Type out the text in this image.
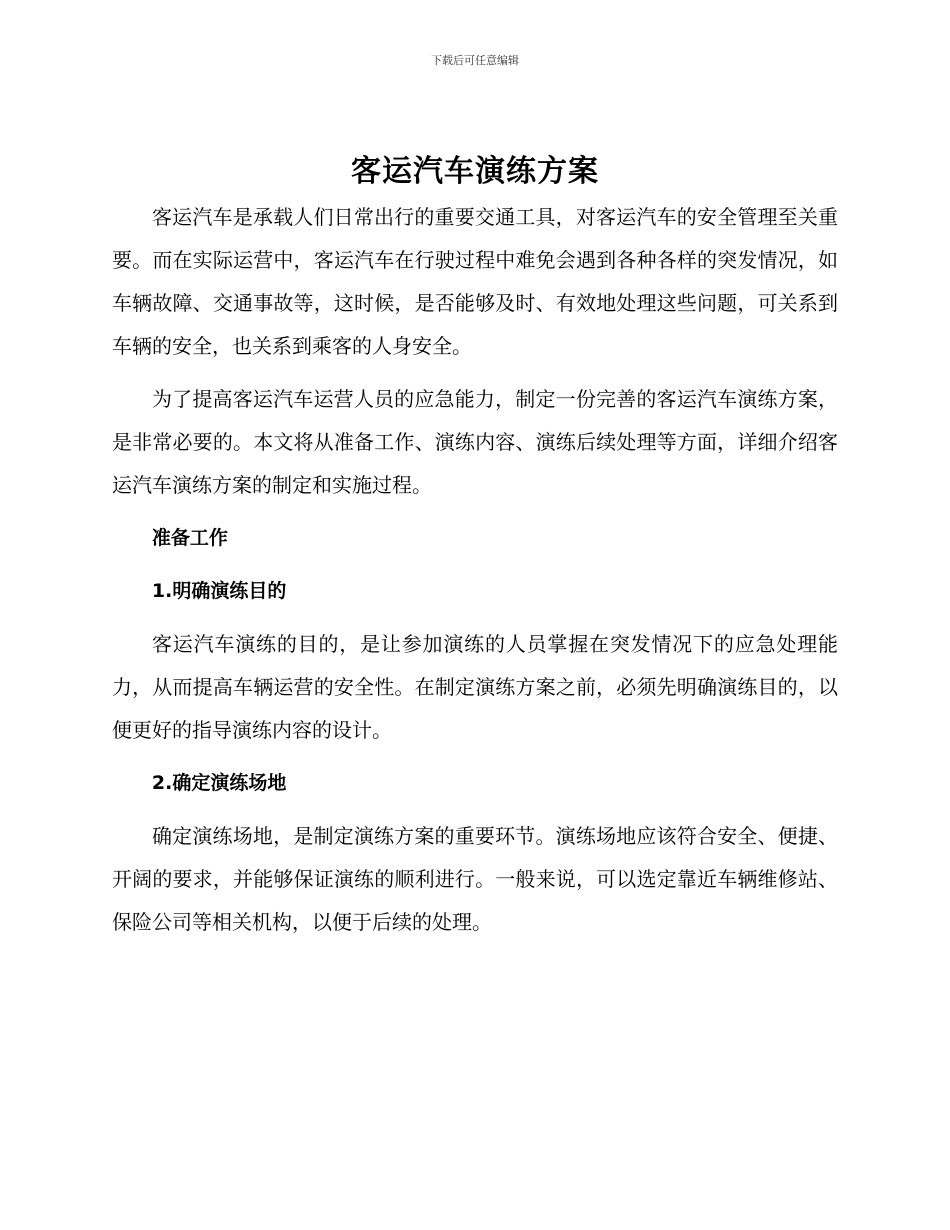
下载后可任意编辑
客运汽车演练方案

客运汽车是承载人们日常出行的重要交通工具，对客运汽车的安全管理至关重要。而在实际运营中，客运汽车在行驶过程中难免会遇到各种各样的突发情况，如车辆故障、交通事故等，这时候，是否能够及时、有效地处理这些问题，可关系到车辆的安全，也关系到乘客的人身安全。

为了提高客运汽车运营人员的应急能力，制定一份完善的客运汽车演练方案，是非常必要的。本文将从准备工作、演练内容、演练后续处理等方面，详细介绍客运汽车演练方案的制定和实施过程。

准备工作
1.明确演练目的

客运汽车演练的目的，是让参加演练的人员掌握在突发情况下的应急处理能力，从而提高车辆运营的安全性。在制定演练方案之前，必须先明确演练目的，以便更好的指导演练内容的设计。

2.确定演练场地

确定演练场地，是制定演练方案的重要环节。演练场地应该符合安全、便捷、开阔的要求，并能够保证演练的顺利进行。一般来说，可以选定靠近车辆维修站、保险公司等相关机构，以便于后续的处理。
